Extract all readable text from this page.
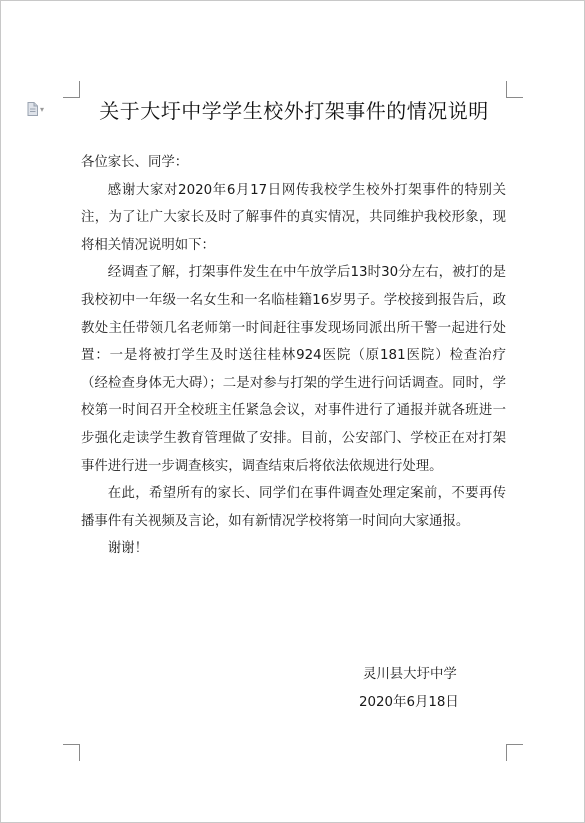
▾	关于大圩中学学生校外打架事件的情况说明

各位家长、同学：

感谢大家对2020年6月17日网传我校学生校外打架事件的特别关注，为了让广大家长及时了解事件的真实情况，共同维护我校形象，现将相关情况说明如下：

经调查了解，打架事件发生在中午放学后13时30分左右，被打的是我校初中一年级一名女生和一名临桂籍16岁男子。学校接到报告后，政教处主任带领几名老师第一时间赶往事发现场同派出所干警一起进行处置：一是将被打学生及时送往桂林924医院（原181医院）检查治疗（经检查身体无大碍）；二是对参与打架的学生进行问话调查。同时，学校第一时间召开全校班主任紧急会议，对事件进行了通报并就各班进一步强化走读学生教育管理做了安排。目前，公安部门、学校正在对打架事件进行进一步调查核实，调查结束后将依法依规进行处理。

在此，希望所有的家长、同学们在事件调查处理定案前，不要再传播事件有关视频及言论，如有新情况学校将第一时间向大家通报。

谢谢！

灵川县大圩中学
2020年6月18日
